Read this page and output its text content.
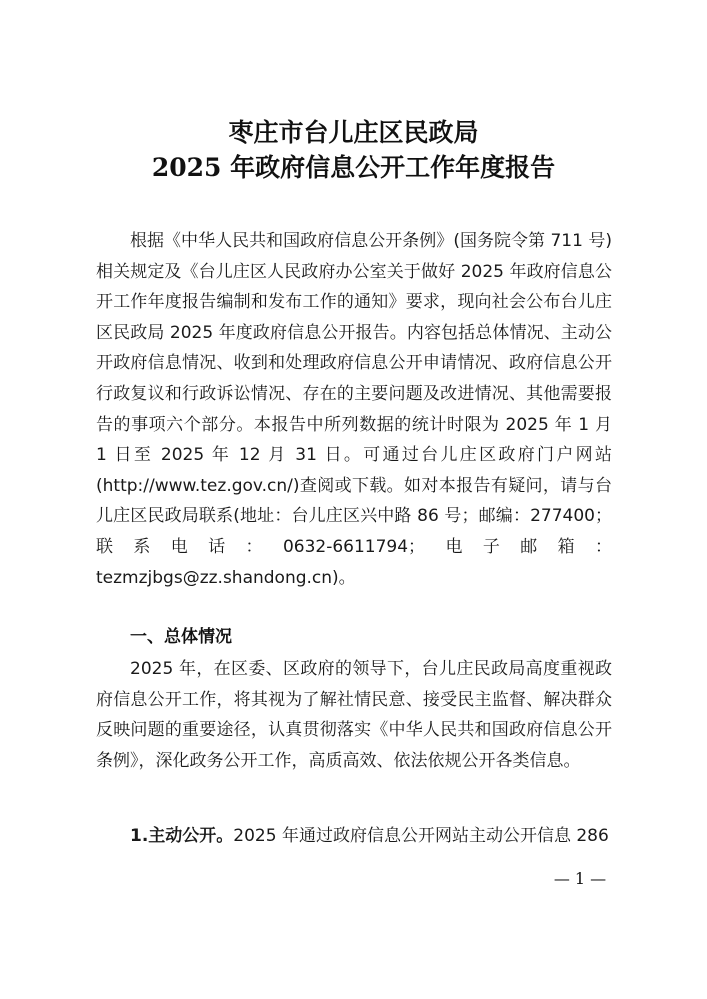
枣庄市台儿庄区民政局
2025 年政府信息公开工作年度报告

根据《中华人民共和国政府信息公开条例》(国务院令第 711 号)相关规定及《台儿庄区人民政府办公室关于做好 2025 年政府信息公开工作年度报告编制和发布工作的通知》要求，现向社会公布台儿庄区民政局 2025 年度政府信息公开报告。内容包括总体情况、主动公开政府信息情况、收到和处理政府信息公开申请情况、政府信息公开行政复议和行政诉讼情况、存在的主要问题及改进情况、其他需要报告的事项六个部分。本报告中所列数据的统计时限为 2025 年 1 月 1 日至 2025 年 12 月 31 日。可通过台儿庄区政府门户网站(http://www.tez.gov.cn/)查阅或下载。如对本报告有疑问，请与台儿庄区民政局联系(地址：台儿庄区兴中路 86 号；邮编：277400；联系电话：0632-6611794；电子邮箱：tezmzjbgs@zz.shandong.cn)。

一、总体情况

2025 年，在区委、区政府的领导下，台儿庄民政局高度重视政府信息公开工作，将其视为了解社情民意、接受民主监督、解决群众反映问题的重要途径，认真贯彻落实《中华人民共和国政府信息公开条例》，深化政务公开工作，高质高效、依法依规公开各类信息。

1.主动公开。2025 年通过政府信息公开网站主动公开信息 286

— 1 —
